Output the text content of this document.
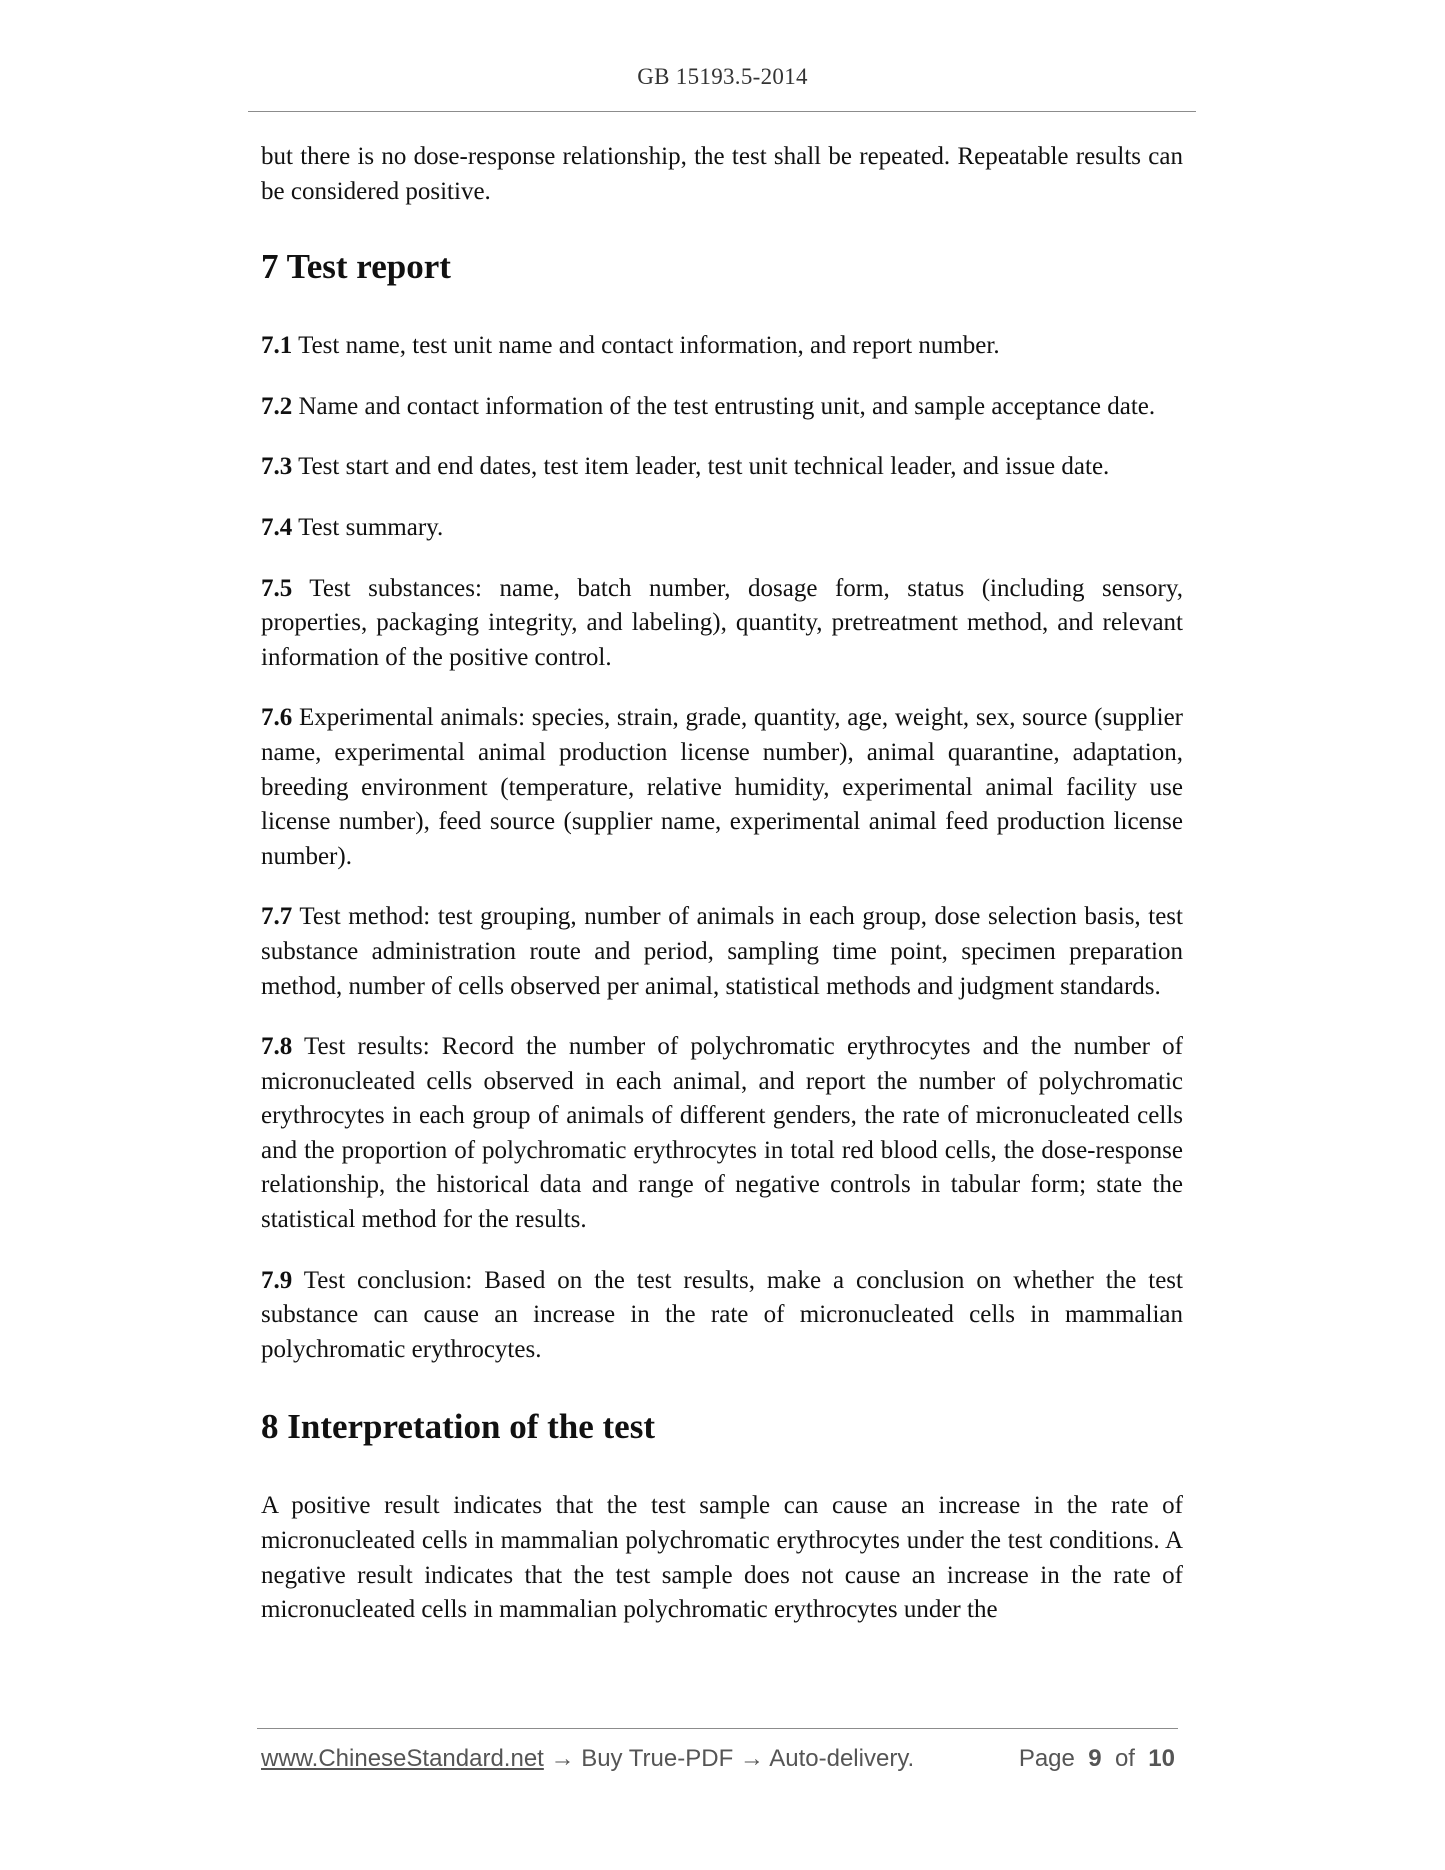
GB 15193.5-2014

but there is no dose-response relationship, the test shall be repeated. Repeatable results can be considered positive.

7 Test report

7.1 Test name, test unit name and contact information, and report number.

7.2 Name and contact information of the test entrusting unit, and sample acceptance date.

7.3 Test start and end dates, test item leader, test unit technical leader, and issue date.

7.4 Test summary.

7.5 Test substances: name, batch number, dosage form, status (including sensory, properties, packaging integrity, and labeling), quantity, pretreatment method, and relevant information of the positive control.

7.6 Experimental animals: species, strain, grade, quantity, age, weight, sex, source (supplier name, experimental animal production license number), animal quarantine, adaptation, breeding environment (temperature, relative humidity, experimental animal facility use license number), feed source (supplier name, experimental animal feed production license number).

7.7 Test method: test grouping, number of animals in each group, dose selection basis, test substance administration route and period, sampling time point, specimen preparation method, number of cells observed per animal, statistical methods and judgment standards.

7.8 Test results: Record the number of polychromatic erythrocytes and the number of micronucleated cells observed in each animal, and report the number of polychromatic erythrocytes in each group of animals of different genders, the rate of micronucleated cells and the proportion of polychromatic erythrocytes in total red blood cells, the dose-response relationship, the historical data and range of negative controls in tabular form; state the statistical method for the results.

7.9 Test conclusion: Based on the test results, make a conclusion on whether the test substance can cause an increase in the rate of micronucleated cells in mammalian polychromatic erythrocytes.

8 Interpretation of the test

A positive result indicates that the test sample can cause an increase in the rate of micronucleated cells in mammalian polychromatic erythrocytes under the test conditions. A negative result indicates that the test sample does not cause an increase in the rate of micronucleated cells in mammalian polychromatic erythrocytes under the

www.ChineseStandard.net → Buy True-PDF → Auto-delivery.	Page 9 of 10
